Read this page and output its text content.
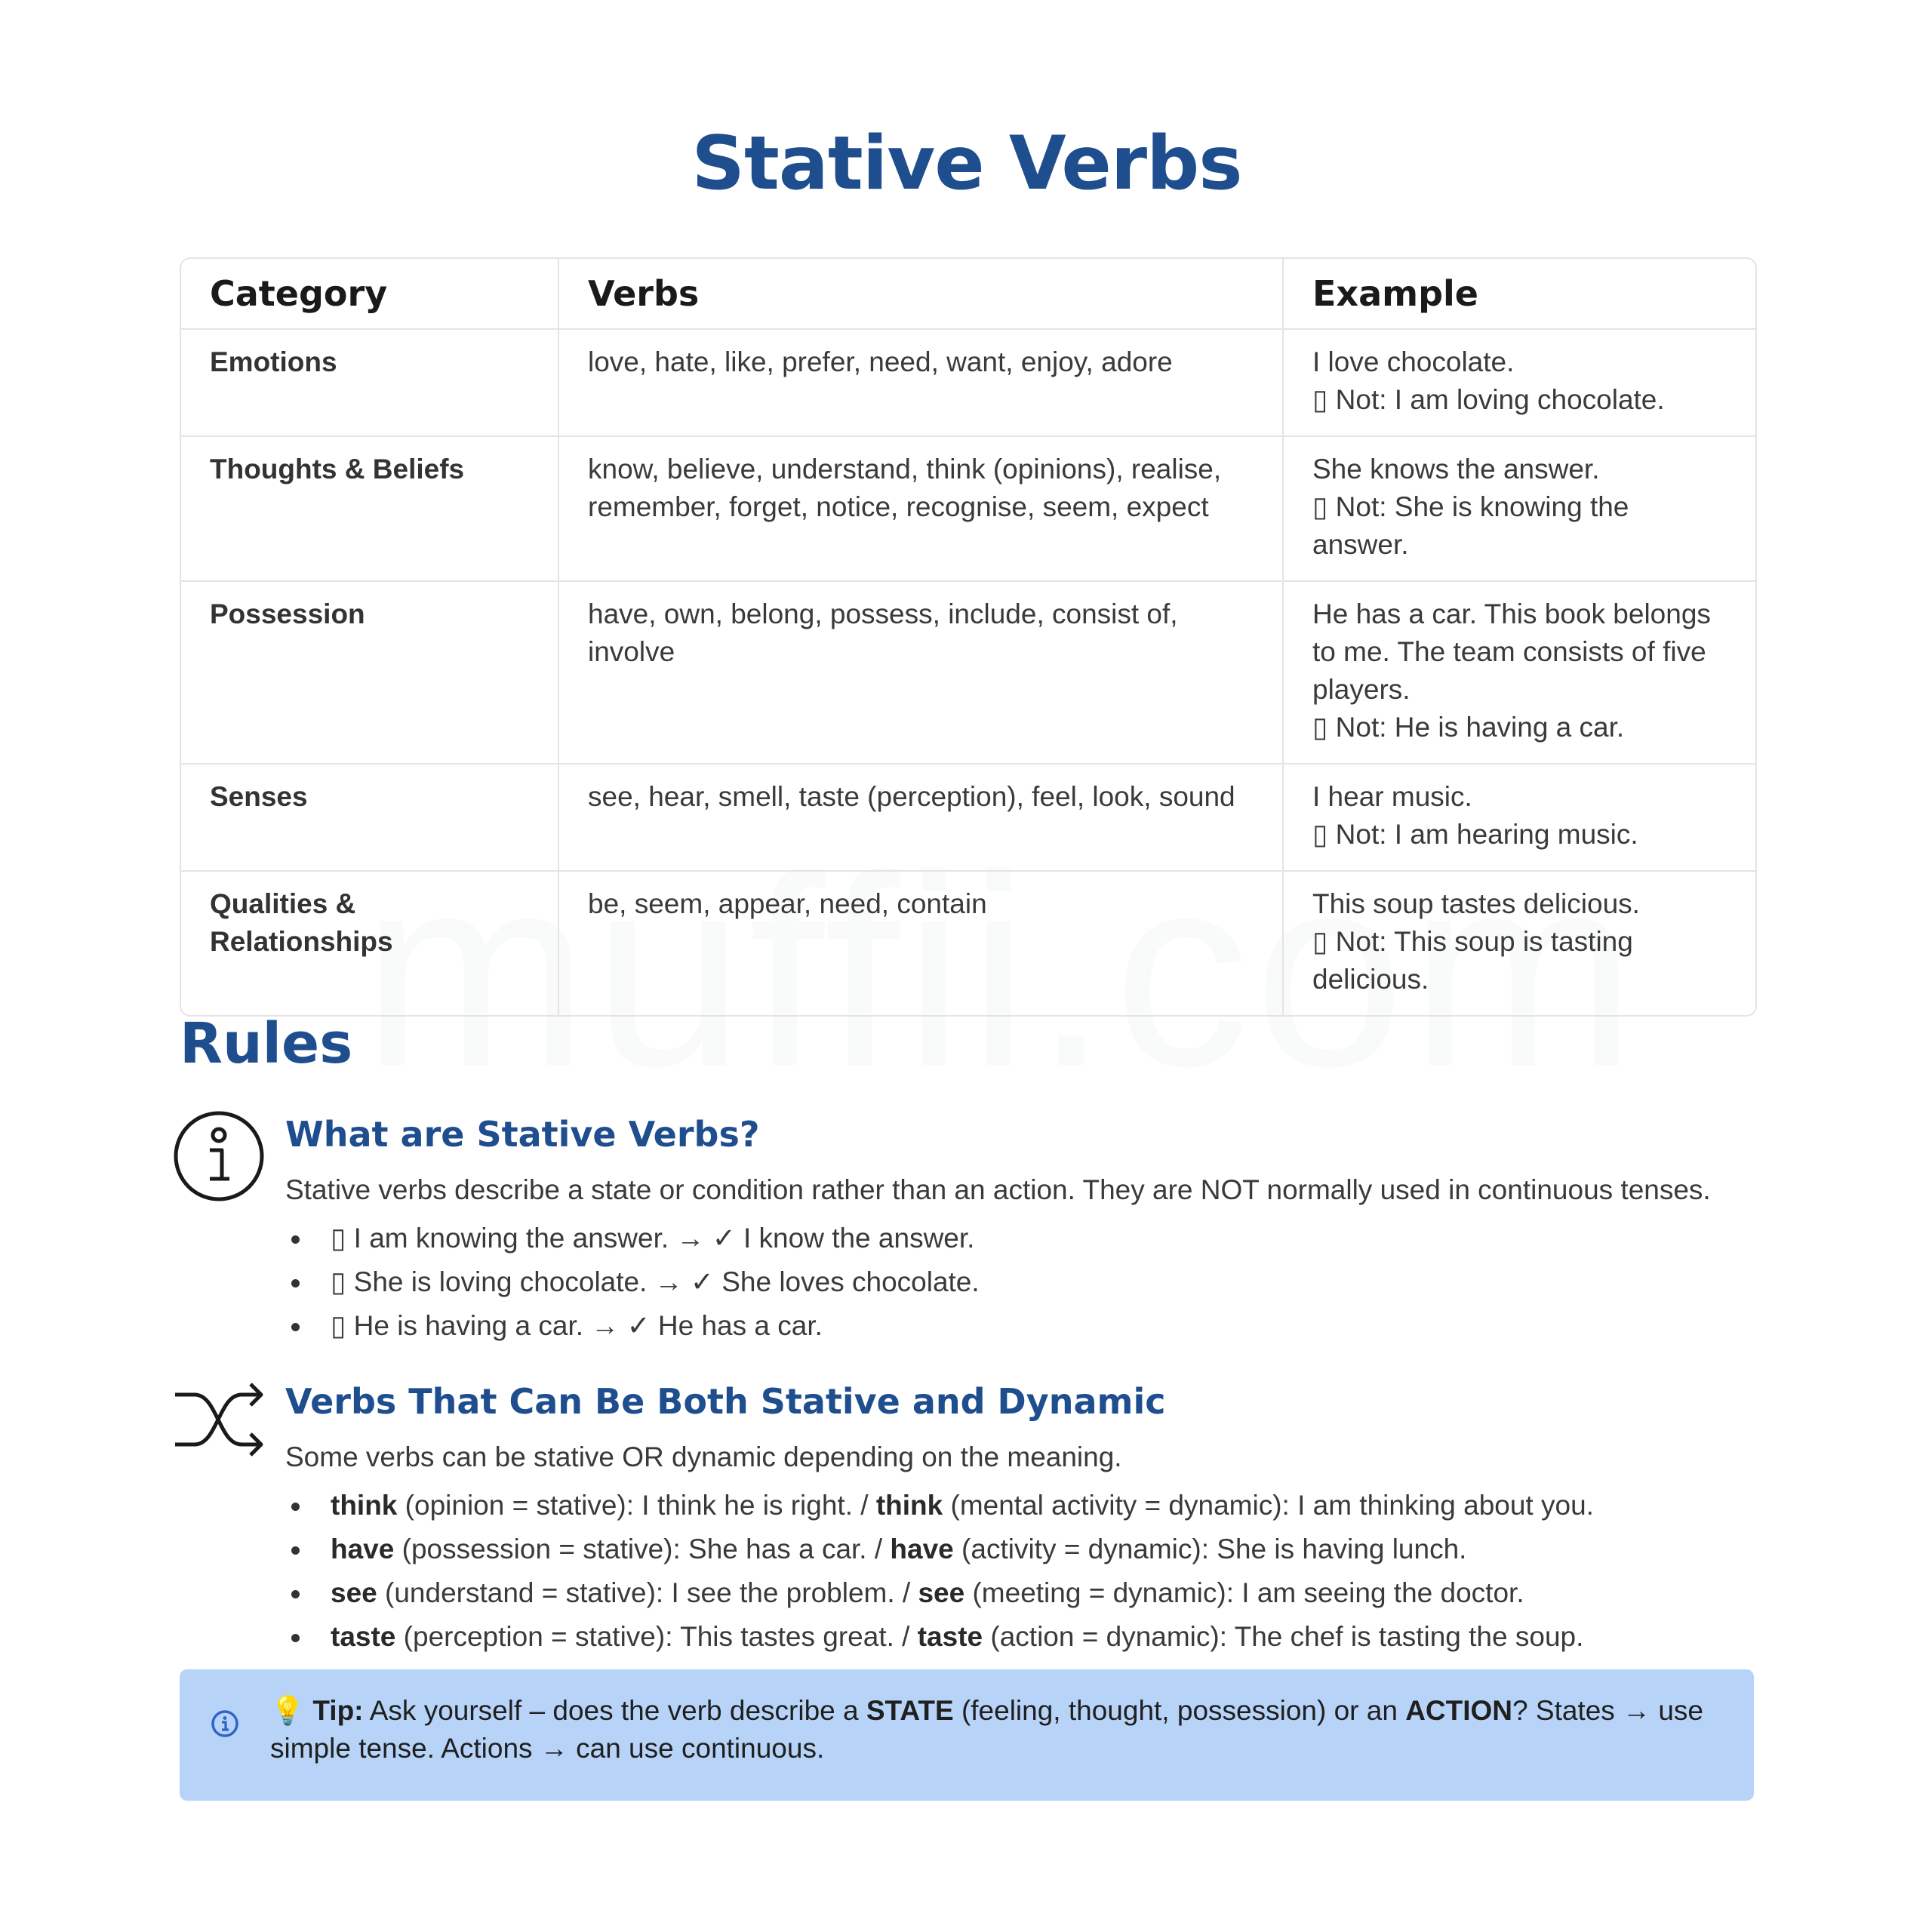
Stative Verbs
Category	Verbs	Example
Emotions	love, hate, like, prefer, need, want, enjoy, adore	I love chocolate.
▯ Not: I am loving chocolate.

Thoughts & Beliefs	know, believe, understand, think (opinions), realise, remember, forget, notice, recognise, seem, expect	She knows the answer.
▯ Not: She is knowing the answer.

Possession	have, own, belong, possess, include, consist of, involve	He has a car. This book belongs to me. The team consists of five players.
▯ Not: He is having a car.

Senses	see, hear, smell, taste (perception), feel, look, sound	I hear music.
▯ Not: I am hearing music.

Qualities & Relationships	be, seem, appear, need, contain	This soup tastes delicious.
▯ Not: This soup is tasting delicious.
Rules
What are Stative Verbs?
Stative verbs describe a state or condition rather than an action. They are NOT normally used in continuous tenses.
▯ I am knowing the answer. → ✓ I know the answer.
▯ She is loving chocolate. → ✓ She loves chocolate.
▯ He is having a car. → ✓ He has a car.
Verbs That Can Be Both Stative and Dynamic
Some verbs can be stative OR dynamic depending on the meaning.
think (opinion = stative): I think he is right. / think (mental activity = dynamic): I am thinking about you.
have (possession = stative): She has a car. / have (activity = dynamic): She is having lunch.
see (understand = stative): I see the problem. / see (meeting = dynamic): I am seeing the doctor.
taste (perception = stative): This tastes great. / taste (action = dynamic): The chef is tasting the soup.
💡 Tip: Ask yourself – does the verb describe a STATE (feeling, thought, possession) or an ACTION? States → use simple tense. Actions → can use continuous.
